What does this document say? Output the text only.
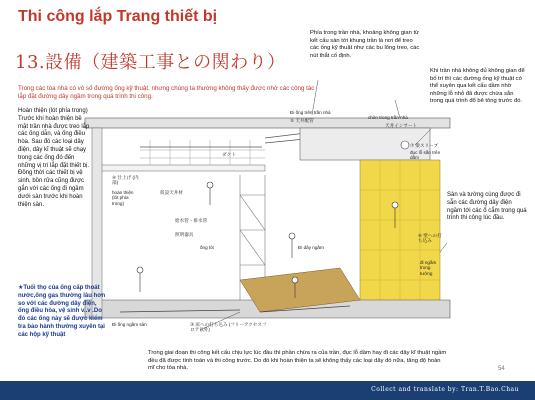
Thi công lắp Trang thiết bị
13.設備（建築工事との関わり）
Trong các tòa nhà có vô số đường ống kỹ thuật, nhưng chúng ta thường không thấy được nhờ các công tác lắp đặt đường dây ngầm trong quá trình thi công.
Hoàn thiện (lót phía trong) Trước khi hoàn thiện bề mặt trần nhà được treo lắp các ống dẫn, và ống điều hòa. Sau đó các loại dây điện, dây kĩ thuật sẽ chạy trong các ống đó đến những vị trí lắp đặt thiết bị. Đồng thời các thiết bị vệ sinh, bồn rửa cũng được gắn với các ống đi ngầm dưới sàn trước khi hoàn thiện sàn.
★Tuổi thọ của ống cấp thoát nước,ống gas thường lâu hơn so với các đường dây điện, ống điều hòa, vệ sinh v..v .Do đó các ống này sẽ được kiểm tra bảo hành thường xuyên tại các hộp kỹ thuật
Phía trong trần nhà, khoảng không gian từ kết cấu sàn tới khung trần là nơi để treo các ống kỹ thuật như các bu lông treo, các nút thắt cố định.
Khi trần nhà không đủ không gian để bố trí thì các đường ống kỹ thuật có thể xuyên qua kết cấu dầm nhờ những lỗ nhỏ đã được chừa sẵn trong quá trình đổ bê tông trước đó.
Sàn và tường cùng được đi sẵn các đường dây điện ngầm tới các ổ cắm trong quá trình thi công lúc đầu.
Trong giai đoạn thi công kết cấu chịu lực lúc đầu thì phần chừa ra của trần, đục lỗ dầm hay đi các dây kĩ thuật ngầm đều đã được tính toán và thi công trước. Do đó khi hoàn thiện ta sẽ không thấy các loại dây đó nữa, tăng độ hoàn mĩ cho tòa nhà.
Đi ống trên trần nhà
⑤ 天井配管
chèn trong trần nhà
天井インサート
⑦ 梁スリーブ
đục lỗ sẵn trên dầm
⑥ 壁への打ち込み
đi ngầm trong tường
④ 仕上げ (内部)
hoàn thiện (lót phía trong)
仮設天井材
ダクト
照明器具
給水管・排水管
ống lót	Đi dây ngầm
③ 床への打ち込み (フリーアクセスフロア以外)
Đi ống ngầm sàn
54
Collect and translate by: Tran.T.Bao.Chau
